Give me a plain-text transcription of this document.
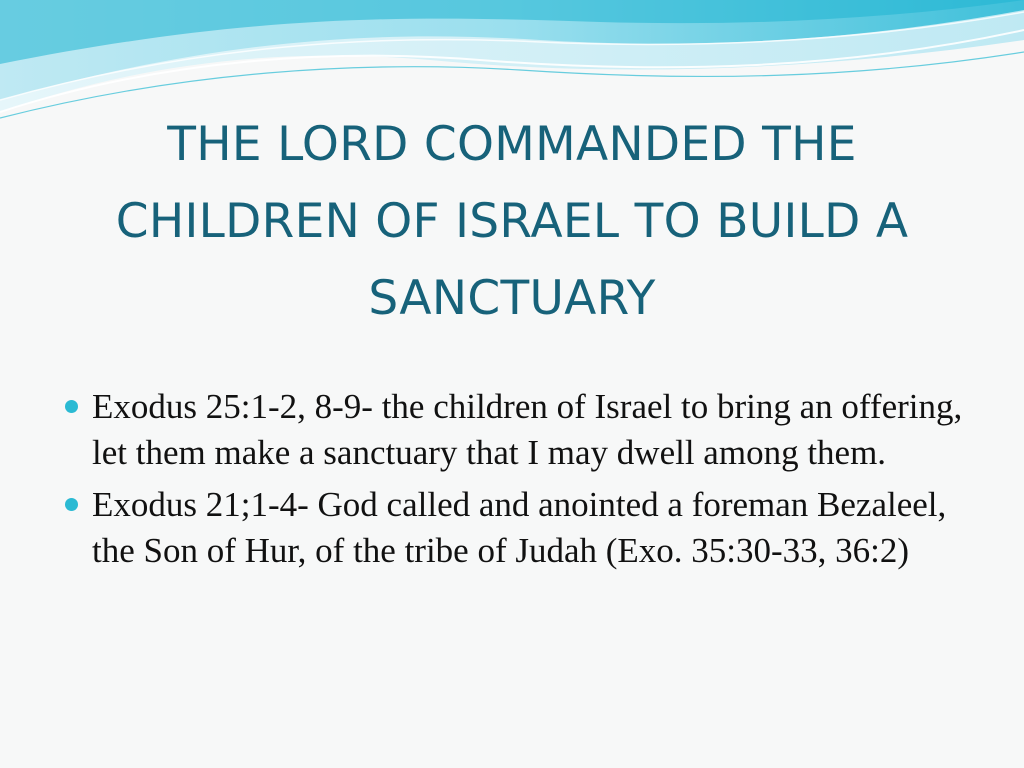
THE LORD COMMANDED THE CHILDREN OF ISRAEL TO BUILD A SANCTUARY
Exodus 25:1-2, 8-9- the children of Israel to bring an offering, let them make a sanctuary that I may dwell among them.
Exodus 21;1-4- God called and anointed a foreman Bezaleel, the Son of Hur, of the tribe of Judah (Exo. 35:30-33, 36:2)
